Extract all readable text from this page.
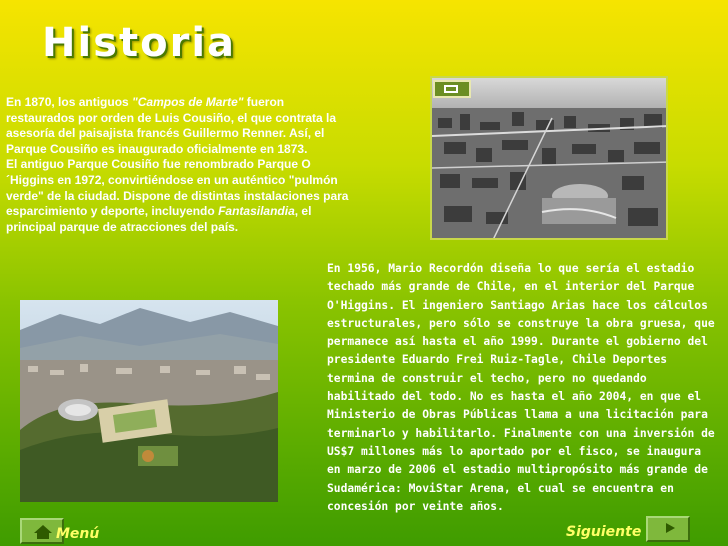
Historia
En 1870, los antiguos "Campos de Marte" fueron restaurados por orden de Luis Cousiño, el que contrata la asesoría del paisajista francés Guillermo Renner. Así, el Parque Cousiño es inaugurado oficialmente en 1873.
El antiguo Parque Cousiño fue renombrado Parque O´Higgins en 1972, convirtiéndose en un auténtico "pulmón verde" de la ciudad. Dispone de distintas instalaciones para esparcimiento y deporte, incluyendo Fantasilandia, el principal parque de atracciones del país.
En 1956, Mario Recordón diseña lo que sería el estadio techado más grande de Chile, en el interior del Parque O'Higgins. El ingeniero Santiago Arias hace los cálculos estructurales, pero sólo se construye la obra gruesa, que permanece así hasta el año 1999. Durante el gobierno del presidente Eduardo Frei Ruiz-Tagle, Chile Deportes termina de construir el techo, pero no quedando habilitado del todo. No es hasta el año 2004, en que el Ministerio de Obras Públicas llama a una licitación para terminarlo y habilitarlo. Finalmente con una inversión de US$7 millones más lo aportado por el fisco, se inaugura en marzo de 2006 el estadio multipropósito más grande de Sudamérica: MoviStar Arena, el cual se encuentra en concesión por veinte años.
Menú	Siguiente
